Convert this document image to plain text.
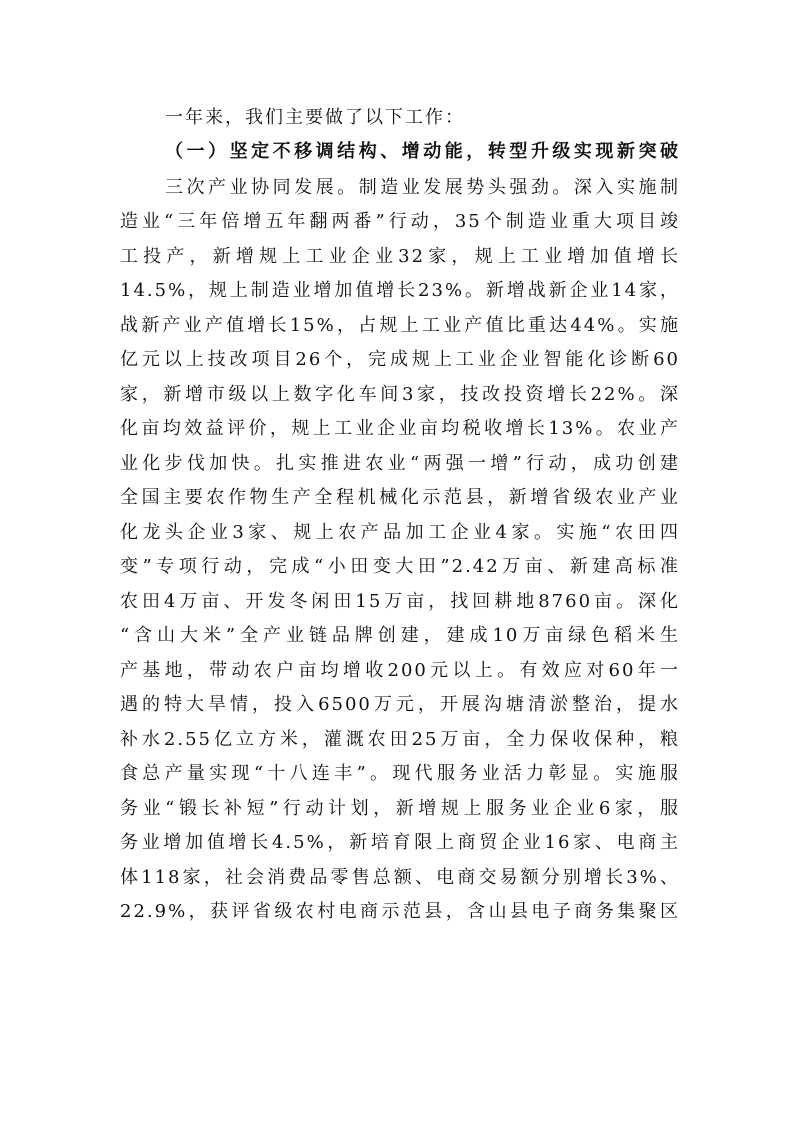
一年来，我们主要做了以下工作：
（一）坚定不移调结构、增动能，转型升级实现新突破
三次产业协同发展。制造业发展势头强劲。深入实施制
造业“三年倍增五年翻两番”行动，35个制造业重大项目竣
工投产，新增规上工业企业32家，规上工业增加值增长
14.5%，规上制造业增加值增长23%。新增战新企业14家，
战新产业产值增长15%，占规上工业产值比重达44%。实施
亿元以上技改项目26个，完成规上工业企业智能化诊断60
家，新增市级以上数字化车间3家，技改投资增长22%。深
化亩均效益评价，规上工业企业亩均税收增长13%。农业产
业化步伐加快。扎实推进农业“两强一增”行动，成功创建
全国主要农作物生产全程机械化示范县，新增省级农业产业
化龙头企业3家、规上农产品加工企业4家。实施“农田四
变”专项行动，完成“小田变大田”2.42万亩、新建高标准
农田4万亩、开发冬闲田15万亩，找回耕地8760亩。深化
“含山大米”全产业链品牌创建，建成10万亩绿色稻米生
产基地，带动农户亩均增收200元以上。有效应对60年一
遇的特大旱情，投入6500万元，开展沟塘清淤整治，提水
补水2.55亿立方米，灌溉农田25万亩，全力保收保种，粮
食总产量实现“十八连丰”。现代服务业活力彰显。实施服
务业“锻长补短”行动计划，新增规上服务业企业6家，服
务业增加值增长4.5%，新培育限上商贸企业16家、电商主
体118家，社会消费品零售总额、电商交易额分别增长3%、
22.9%，获评省级农村电商示范县，含山县电子商务集聚区
